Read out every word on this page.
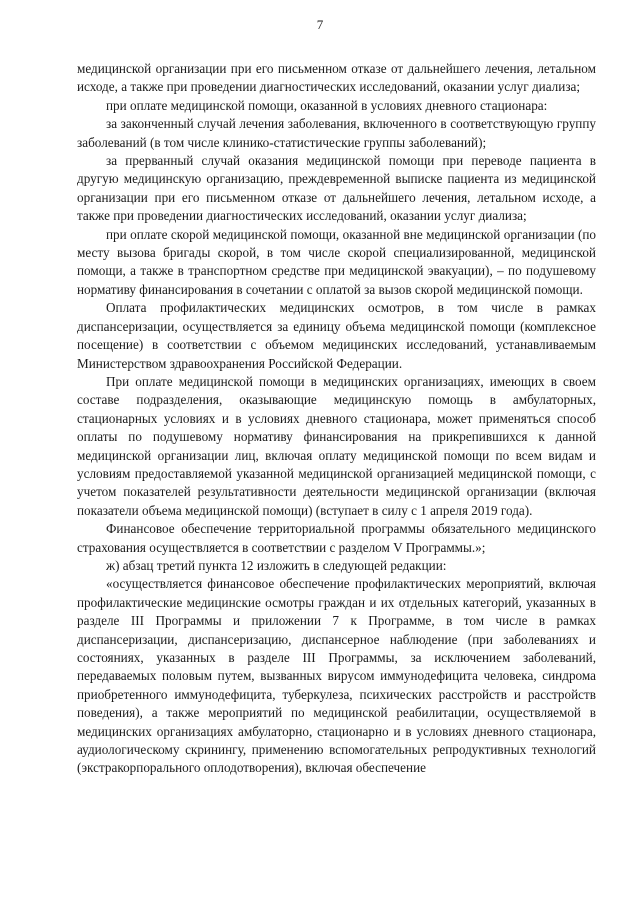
7

медицинской организации при его письменном отказе от дальнейшего лечения, летальном исходе, а также при проведении диагностических исследований, оказании услуг диализа;

при оплате медицинской помощи, оказанной в условиях дневного стационара:

за законченный случай лечения заболевания, включенного в соответствующую группу заболеваний (в том числе клинико-статистические группы заболеваний);

за прерванный случай оказания медицинской помощи при переводе пациента в другую медицинскую организацию, преждевременной выписке пациента из медицинской организации при его письменном отказе от дальнейшего лечения, летальном исходе, а также при проведении диагностических исследований, оказании услуг диализа;

при оплате скорой медицинской помощи, оказанной вне медицинской организации (по месту вызова бригады скорой, в том числе скорой специализированной, медицинской помощи, а также в транспортном средстве при медицинской эвакуации), – по подушевому нормативу финансирования в сочетании с оплатой за вызов скорой медицинской помощи.

Оплата профилактических медицинских осмотров, в том числе в рамках диспансеризации, осуществляется за единицу объема медицинской помощи (комплексное посещение) в соответствии с объемом медицинских исследований, устанавливаемым Министерством здравоохранения Российской Федерации.

При оплате медицинской помощи в медицинских организациях, имеющих в своем составе подразделения, оказывающие медицинскую помощь в амбулаторных, стационарных условиях и в условиях дневного стационара, может применяться способ оплаты по подушевому нормативу финансирования на прикрепившихся к данной медицинской организации лиц, включая оплату медицинской помощи по всем видам и условиям предоставляемой указанной медицинской организацией медицинской помощи, с учетом показателей результативности деятельности медицинской организации (включая показатели объема медицинской помощи) (вступает в силу с 1 апреля 2019 года).

Финансовое обеспечение территориальной программы обязательного медицинского страхования осуществляется в соответствии с разделом V Программы.»;

ж) абзац третий пункта 12 изложить в следующей редакции:

«осуществляется финансовое обеспечение профилактических мероприятий, включая профилактические медицинские осмотры граждан и их отдельных категорий, указанных в разделе III Программы и приложении 7 к Программе, в том числе в рамках диспансеризации, диспансеризацию, диспансерное наблюдение (при заболеваниях и состояниях, указанных в разделе III Программы, за исключением заболеваний, передаваемых половым путем, вызванных вирусом иммунодефицита человека, синдрома приобретенного иммунодефицита, туберкулеза, психических расстройств и расстройств поведения), а также мероприятий по медицинской реабилитации, осуществляемой в медицинских организациях амбулаторно, стационарно и в условиях дневного стационара, аудиологическому скринингу, применению вспомогательных репродуктивных технологий (экстракорпорального оплодотворения), включая обеспечение
